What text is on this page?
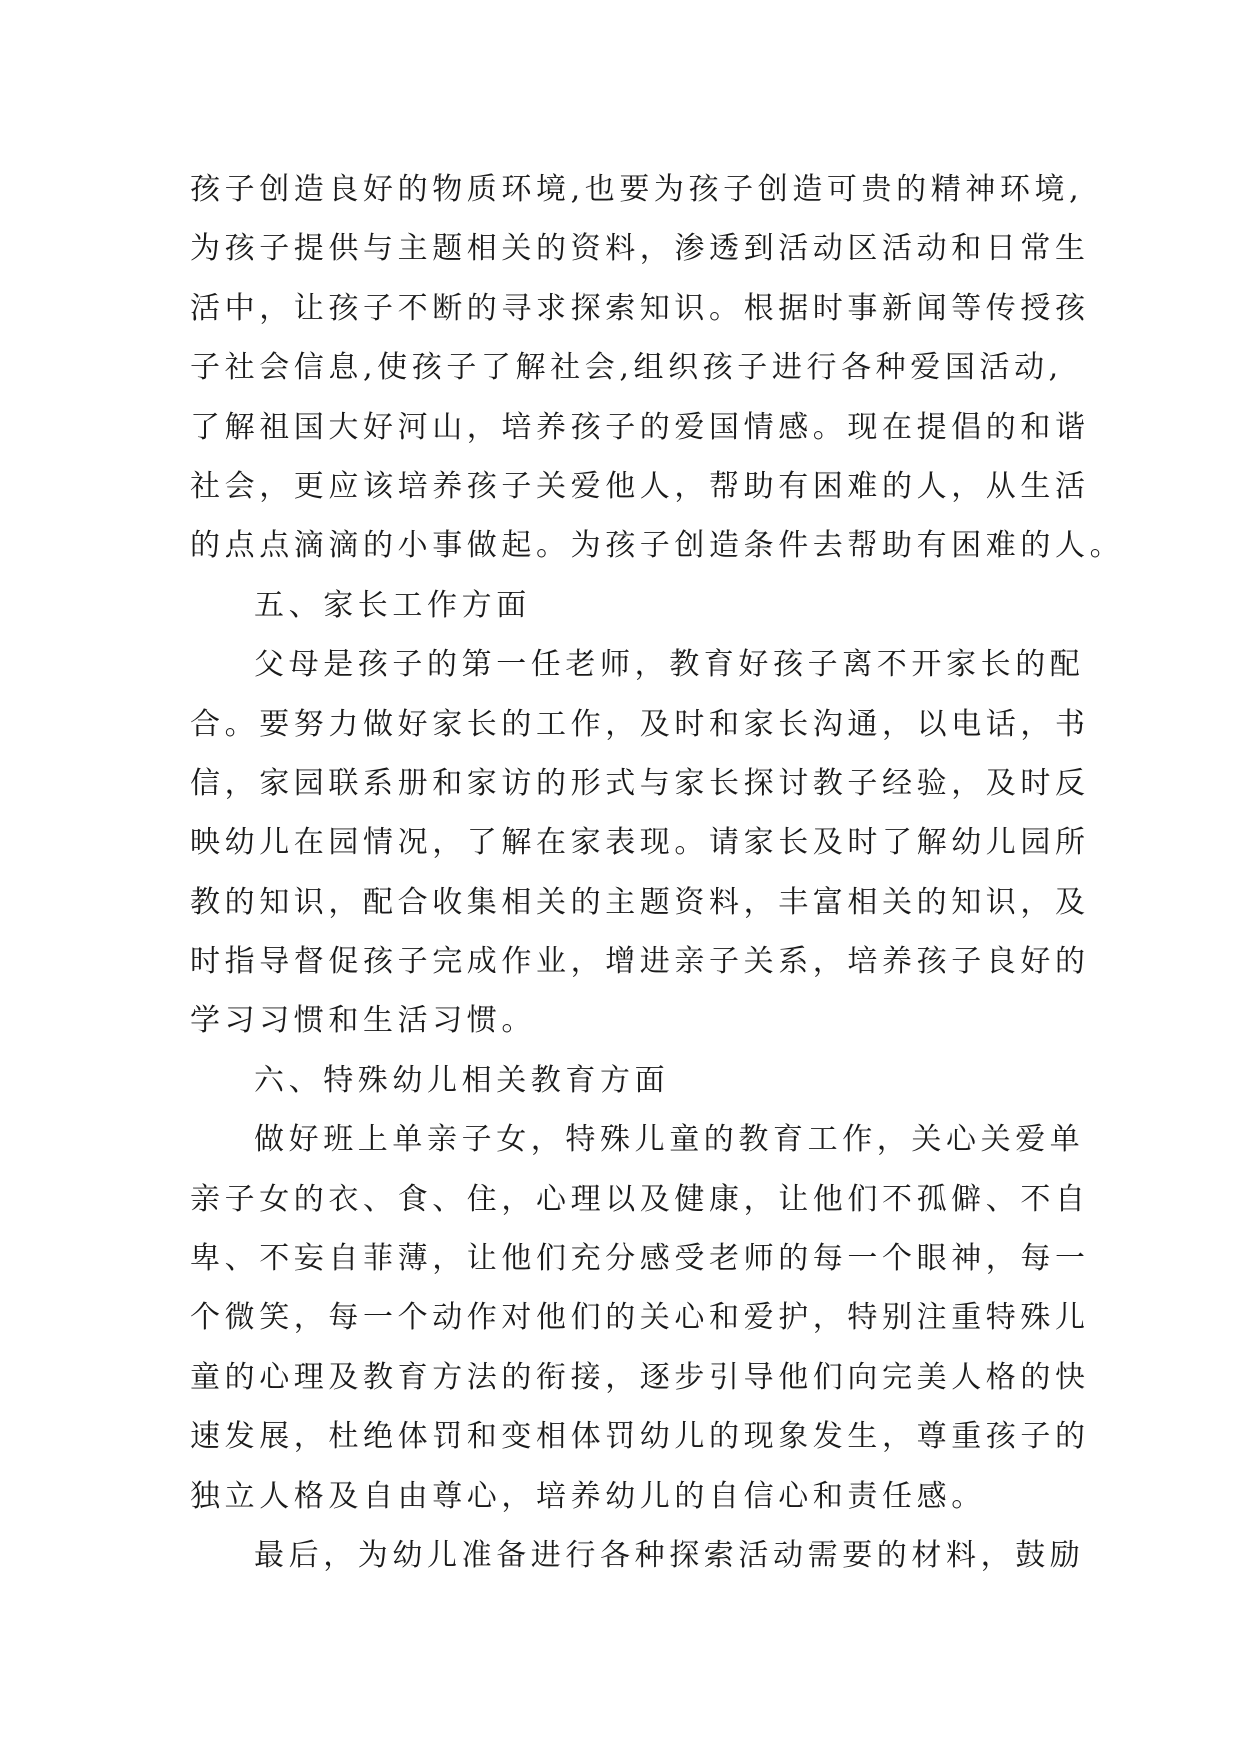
孩子创造良好的物质环境,也要为孩子创造可贵的精神环境,
为孩子提供与主题相关的资料，渗透到活动区活动和日常生
活中，让孩子不断的寻求探索知识。根据时事新闻等传授孩
子社会信息,使孩子了解社会,组织孩子进行各种爱国活动,
了解祖国大好河山，培养孩子的爱国情感。现在提倡的和谐
社会，更应该培养孩子关爱他人，帮助有困难的人，从生活
的点点滴滴的小事做起。为孩子创造条件去帮助有困难的人。
五、家长工作方面
父母是孩子的第一任老师，教育好孩子离不开家长的配
合。要努力做好家长的工作，及时和家长沟通，以电话，书
信，家园联系册和家访的形式与家长探讨教子经验，及时反
映幼儿在园情况，了解在家表现。请家长及时了解幼儿园所
教的知识，配合收集相关的主题资料，丰富相关的知识，及
时指导督促孩子完成作业，增进亲子关系，培养孩子良好的
学习习惯和生活习惯。
六、特殊幼儿相关教育方面
做好班上单亲子女，特殊儿童的教育工作，关心关爱单
亲子女的衣、食、住，心理以及健康，让他们不孤僻、不自
卑、不妄自菲薄，让他们充分感受老师的每一个眼神，每一
个微笑，每一个动作对他们的关心和爱护，特别注重特殊儿
童的心理及教育方法的衔接，逐步引导他们向完美人格的快
速发展，杜绝体罚和变相体罚幼儿的现象发生，尊重孩子的
独立人格及自由尊心，培养幼儿的自信心和责任感。
最后，为幼儿准备进行各种探索活动需要的材料，鼓励
